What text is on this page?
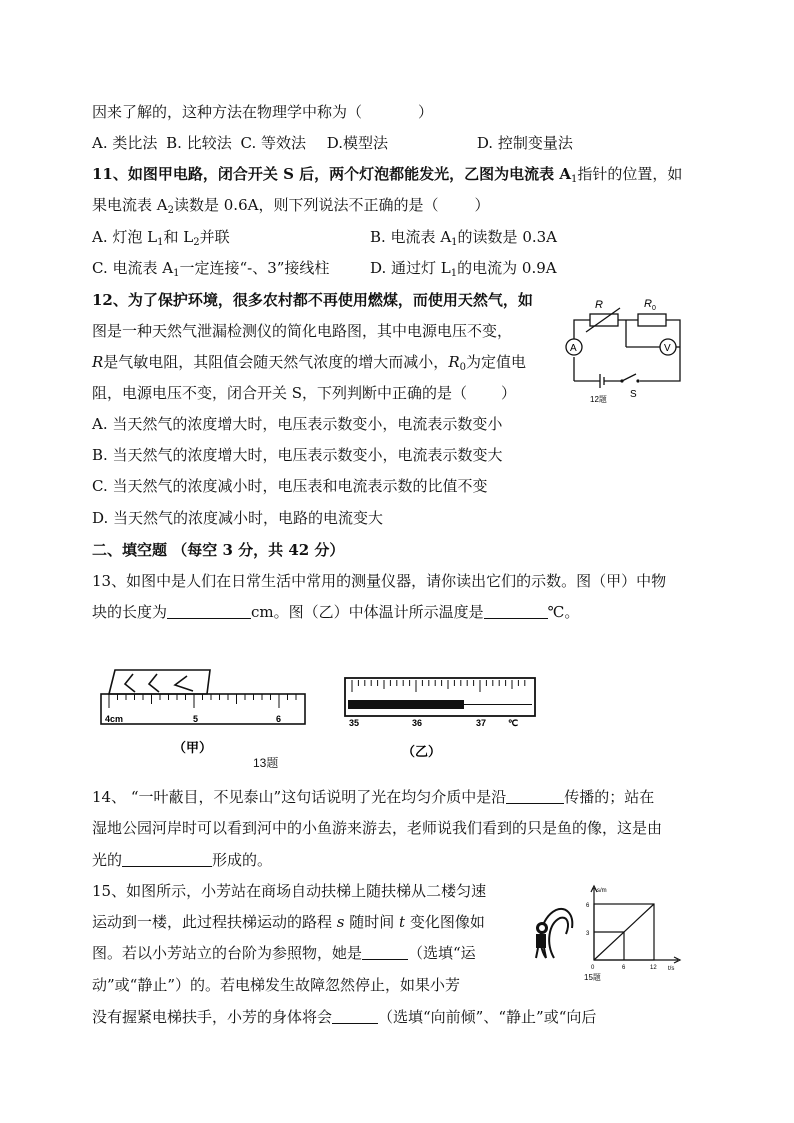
因来了解的，这种方法在物理学中称为（	）
A. 类比法 B. 比较法 C. 等效法 D.模型法	D. 控制变量法
11、如图甲电路，闭合开关 S 后，两个灯泡都能发光，乙图为电流表 $A_1$指针的位置，如
果电流表 $A_2$读数是 0.6A，则下列说法不正确的是（ ）
A. 灯泡 $L_1$和 $L_2$并联	B. 电流表 $A_1$的读数是 0.3A
C. 电流表 $A_1$一定连接“-、3”接线柱	D. 通过灯 $L_1$的电流为 0.9A
12、为了保护环境，很多农村都不再使用燃煤，而使用天然气，如
图是一种天然气泄漏检测仪的简化电路图，其中电源电压不变，
R是气敏电阻，其阻值会随天然气浓度的增大而减小，$R_0$为定值电
阻，电源电压不变，闭合开关 S，下列判断中正确的是（ ）
A. 当天然气的浓度增大时，电压表示数变小，电流表示数变小
B. 当天然气的浓度增大时，电压表示数变小，电流表示数变大
C. 当天然气的浓度减小时，电压表和电流表示数的比值不变
D. 当天然气的浓度减小时，电路的电流变大
R	R 0
A	V
S
12题
二、填空题 （每空 3 分，共 42 分）
13、如图中是人们在日常生活中常用的测量仪器，请你读出它们的示数。图（甲）中物
块的长度为	cm。图（乙）中体温计所示温度是	℃。
4cm	5	6
（甲）
35	36	37 ℃
（乙）
13题
14、 “一叶蔽目，不见泰山”这句话说明了光在均匀介质中是沿	传播的；站在
湿地公园河岸时可以看到河中的小鱼游来游去，老师说我们看到的只是鱼的像，这是由
光的	形成的。
15、如图所示，小芳站在商场自动扶梯上随扶梯从二楼匀速
运动到一楼，此过程扶梯运动的路程 s 随时间 t 变化图像如
图。若以小芳站立的台阶为参照物，她是	（选填“运
动”或“静止”）的。若电梯发生故障忽然停止，如果小芳
没有握紧电梯扶手，小芳的身体将会	（选填“向前倾”、“静止”或“向后
s/m
t/s
6
3
0	6	12
15题
